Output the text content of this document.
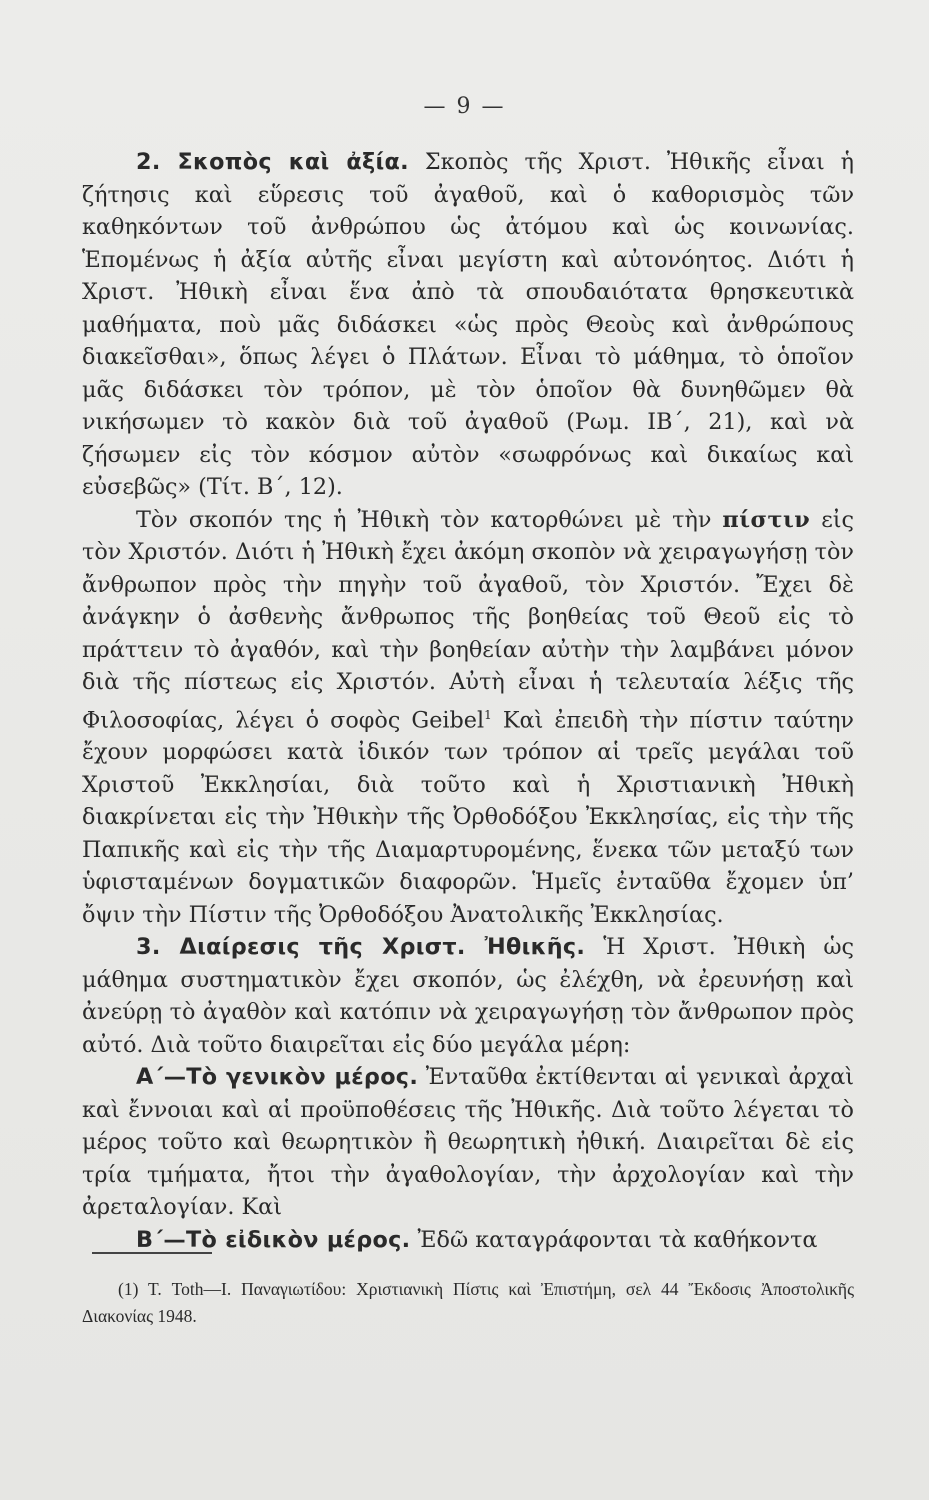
— 9 —

2. Σκοπὸς καὶ ἀξία. Σκοπὸς τῆς Χριστ. Ἠθικῆς εἶναι ἡ ζήτησις καὶ εὕρεσις τοῦ ἀγαθοῦ, καὶ ὁ καθορισμὸς τῶν καθηκόντων τοῦ ἀνθρώπου ὡς ἀτόμου καὶ ὡς κοινωνίας. Ἑπομένως ἡ ἀξία αὐτῆς εἶναι μεγίστη καὶ αὐτονόητος. Διότι ἡ Χριστ. Ἠθικὴ εἶναι ἕνα ἀπὸ τὰ σπουδαιότατα θρησκευτικὰ μαθήματα, ποὺ μᾶς διδάσκει «ὡς πρὸς Θεοὺς καὶ ἀνθρώπους διακεῖσθαι», ὅπως λέγει ὁ Πλάτων. Εἶναι τὸ μάθημα, τὸ ὁποῖον μᾶς διδάσκει τὸν τρόπον, μὲ τὸν ὁποῖον θὰ δυνηθῶμεν θὰ νικήσωμεν τὸ κακὸν διὰ τοῦ ἀγαθοῦ (Ρωμ. ΙΒ΄, 21), καὶ νὰ ζήσωμεν εἰς τὸν κόσμον αὐτὸν «σωφρόνως καὶ δικαίως καὶ εὐσεβῶς» (Τίτ. Β΄, 12).

Τὸν σκοπόν της ἡ Ἠθικὴ τὸν κατορθώνει μὲ τὴν πίστιν εἰς τὸν Χριστόν. Διότι ἡ Ἠθικὴ ἔχει ἀκόμη σκοπὸν νὰ χειραγωγήσῃ τὸν ἄνθρωπον πρὸς τὴν πηγὴν τοῦ ἀγαθοῦ, τὸν Χριστόν. Ἔχει δὲ ἀνάγκην ὁ ἀσθενὴς ἄνθρωπος τῆς βοηθείας τοῦ Θεοῦ εἰς τὸ πράττειν τὸ ἀγαθόν, καὶ τὴν βοηθείαν αὐτὴν τὴν λαμβάνει μόνον διὰ τῆς πίστεως εἰς Χριστόν. Αὐτὴ εἶναι ἡ τελευταία λέξις τῆς Φιλοσοφίας, λέγει ὁ σοφὸς Geibel$^1$ Καὶ ἐπειδὴ τὴν πίστιν ταύτην ἔχουν μορφώσει κατὰ ἰδικόν των τρόπον αἱ τρεῖς μεγάλαι τοῦ Χριστοῦ Ἐκκλησίαι, διὰ τοῦτο καὶ ἡ Χριστιανικὴ Ἠθικὴ διακρίνεται εἰς τὴν Ἠθικὴν τῆς Ὀρθοδόξου Ἐκκλησίας, εἰς τὴν τῆς Παπικῆς καὶ εἰς τὴν τῆς Διαμαρτυρομένης, ἕνεκα τῶν μεταξύ των ὑφισταμένων δογματικῶν διαφορῶν. Ἡμεῖς ἐνταῦθα ἔχομεν ὑπ’ ὄψιν τὴν Πίστιν τῆς Ὀρθοδόξου Ἀνατολικῆς Ἐκκλησίας.

3. Διαίρεσις τῆς Χριστ. Ἠθικῆς. Ἡ Χριστ. Ἠθικὴ ὡς μάθημα συστηματικὸν ἔχει σκοπόν, ὡς ἐλέχθη, νὰ ἐρευνήσῃ καὶ ἀνεύρῃ τὸ ἀγαθὸν καὶ κατόπιν νὰ χειραγωγήσῃ τὸν ἄνθρωπον πρὸς αὐτό. Διὰ τοῦτο διαιρεῖται εἰς δύο μεγάλα μέρη:

Α΄—Τὸ γενικὸν μέρος. Ἐνταῦθα ἐκτίθενται αἱ γενικαὶ ἀρχαὶ καὶ ἔννοιαι καὶ αἱ προϋποθέσεις τῆς Ἠθικῆς. Διὰ τοῦτο λέγεται τὸ μέρος τοῦτο καὶ θεωρητικὸν ἢ θεωρητικὴ ἠθική. Διαιρεῖται δὲ εἰς τρία τμήματα, ἤτοι τὴν ἀγαθολογίαν, τὴν ἀρχολογίαν καὶ τὴν ἀρεταλογίαν. Καὶ

Β΄—Τὸ εἰδικὸν μέρος. Ἐδῶ καταγράφονται τὰ καθήκοντα

(1) Τ. Toth—Ι. Παναγιωτίδου: Χριστιανικὴ Πίστις καὶ Ἐπιστήμη, σελ 44 Ἔκδοσις Ἀποστολικῆς Διακονίας 1948.
